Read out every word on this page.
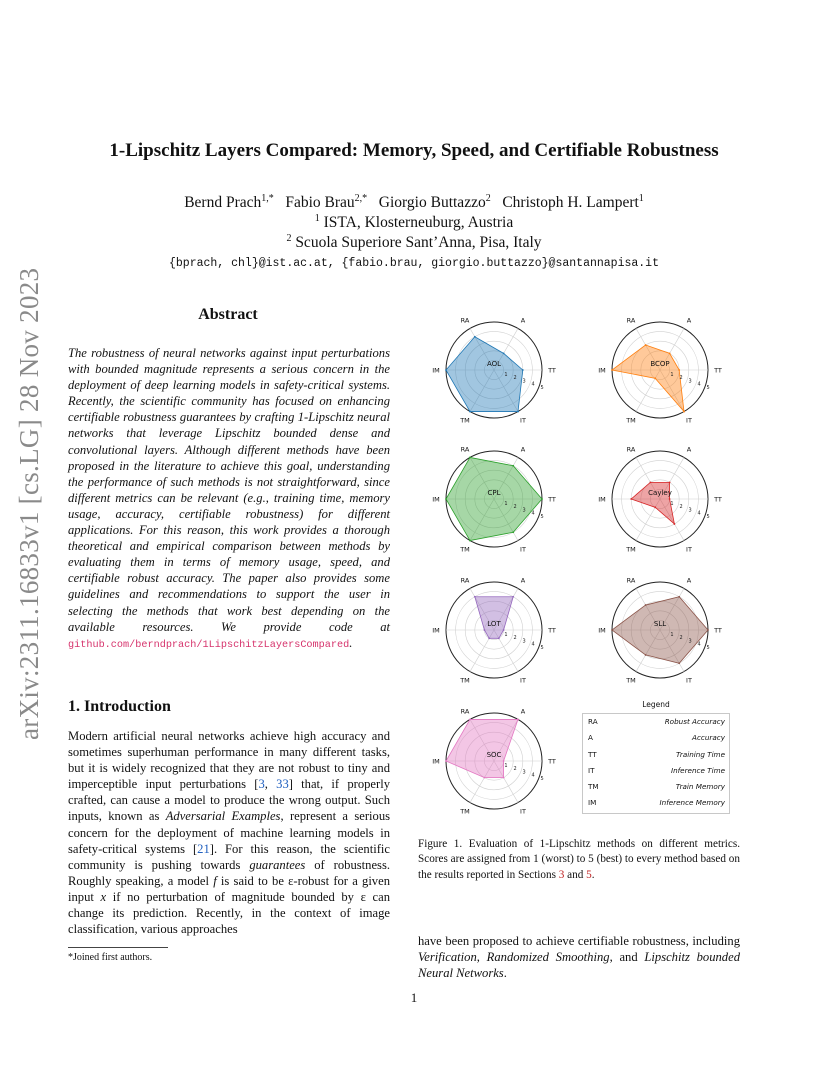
arXiv:2311.16833v1 [cs.LG] 28 Nov 2023
1-Lipschitz Layers Compared: Memory, Speed, and Certifiable Robustness
Bernd Prach$^{1,*}$ Fabio Brau$^{2,*}$ Giorgio Buttazzo$^2$ Christoph H. Lampert$^1$
$^1$ ISTA, Klosterneuburg, Austria
$^2$ Scuola Superiore Sant’Anna, Pisa, Italy
{bprach, chl}@ist.ac.at, {fabio.brau, giorgio.buttazzo}@santannapisa.it
Abstract
The robustness of neural networks against input perturbations with bounded magnitude represents a serious concern in the deployment of deep learning models in safety-critical systems. Recently, the scientific community has focused on enhancing certifiable robustness guarantees by crafting 1-Lipschitz neural networks that leverage Lipschitz bounded dense and convolutional layers. Although different methods have been proposed in the literature to achieve this goal, understanding the performance of such methods is not straightforward, since different metrics can be relevant (e.g., training time, memory usage, accuracy, certifiable robustness) for different applications. For this reason, this work provides a thorough theoretical and empirical comparison between methods by evaluating them in terms of memory usage, speed, and certifiable robust accuracy. The paper also provides some guidelines and recommendations to support the user in selecting the methods that work best depending on the available resources. We provide code at github.com/berndprach/1LipschitzLayersCompared.
1. Introduction
Modern artificial neural networks achieve high accuracy and sometimes superhuman performance in many different tasks, but it is widely recognized that they are not robust to tiny and imperceptible input perturbations [3, 33] that, if properly crafted, can cause a model to produce the wrong output. Such inputs, known as Adversarial Examples, represent a serious concern for the deployment of machine learning models in safety-critical systems [21]. For this reason, the scientific community is pushing towards guarantees of robustness. Roughly speaking, a model f is said to be ε-robust for a given input x if no perturbation of magnitude bounded by ε can change its prediction. Recently, in the context of image classification, various approaches
*Joined first authors.
1
2
3
4
5
RA	A
TT
IT
TM
IM
AOL
1
2
3
4
5
RA	A
TT
IT
TM
IM
BCOP
1
2
3
4
5
RA	A
TT
IT
TM
IM
CPL
1
2
3
4
5
RA	A
TT
IT
TM
IM
Cayley
1
2
3
4
5
RA	A
TT
IT
TM
IM
LOT
1
2
3
4
5
RA	A
TT
IT
TM
IM
SLL
1
2
3
4
5
RA	A
TT
IT
TM
IM
SOC
Legend
RA	Robust Accuracy
A	Accuracy
TT	Training Time
IT	Inference Time
TM	Train Memory
IM	Inference Memory
Figure 1. Evaluation of 1-Lipschitz methods on different metrics. Scores are assigned from 1 (worst) to 5 (best) to every method based on the results reported in Sections 3 and 5.
have been proposed to achieve certifiable robustness, including Verification, Randomized Smoothing, and Lipschitz bounded Neural Networks.
1
